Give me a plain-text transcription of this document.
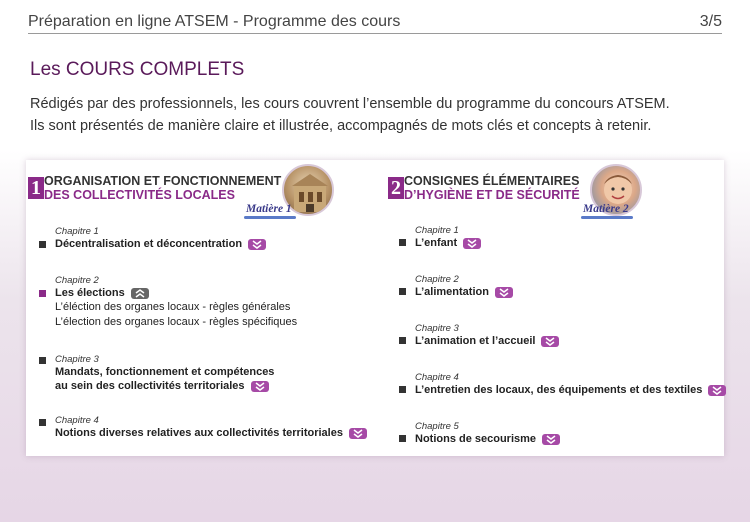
Préparation en ligne ATSEM - Programme des cours	3/5
Les COURS COMPLETS
Rédigés par des professionnels, les cours couvrent l’ensemble du programme du concours ATSEM.
Ils sont présentés de manière claire et illustrée, accompagnés de mots clés et concepts à retenir.
1 ORGANISATION ET FONCTIONNEMENT
DES COLLECTIVITÉS LOCALES
Matière 1
Chapitre 1
Décentralisation et déconcentration
Chapitre 2
Les élections
L’éléction des organes locaux - règles générales
L’élection des organes locaux - règles spécifiques
Chapitre 3
Mandats, fonctionnement et compétences
au sein des collectivités territoriales
Chapitre 4
Notions diverses relatives aux collectivités territoriales
2 CONSIGNES ÉLÉMENTAIRES
D’HYGIÈNE ET DE SÉCURITÉ
Matière 2
Chapitre 1
L’enfant
Chapitre 2
L’alimentation
Chapitre 3
L’animation et l’accueil
Chapitre 4
L’entretien des locaux, des équipements et des textiles
Chapitre 5
Notions de secourisme
